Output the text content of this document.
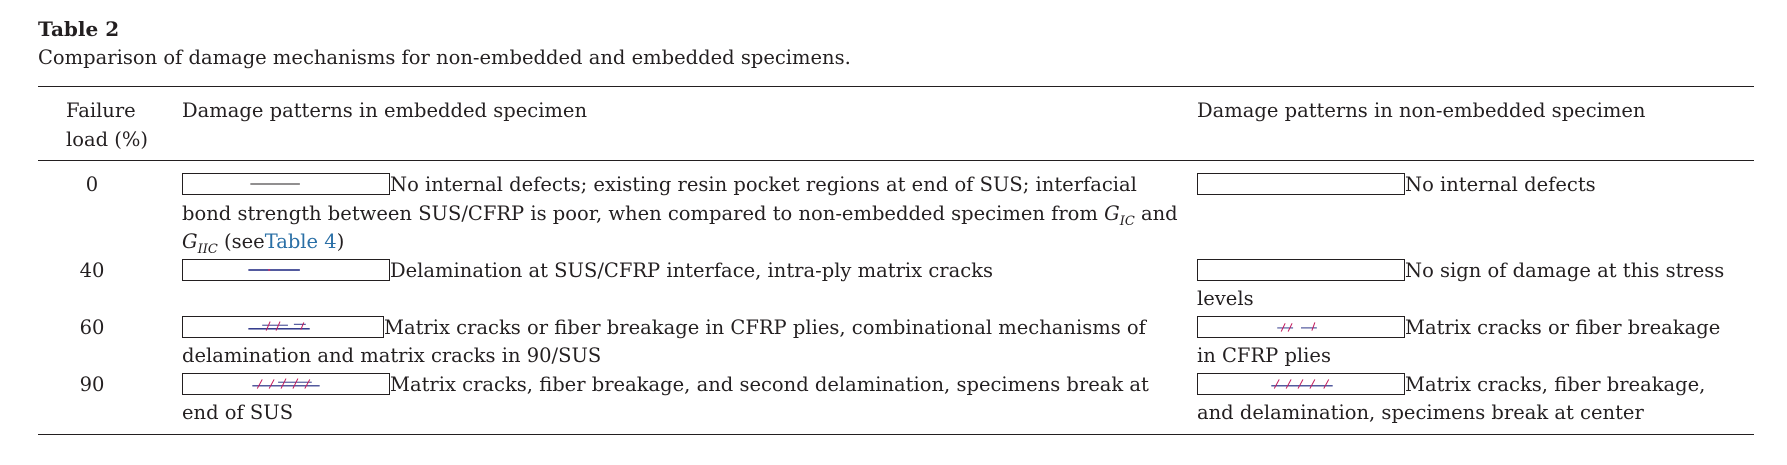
Table 2
Comparison of damage mechanisms for non-embedded and embedded specimens.
Failure
load (%)	Damage patterns in embedded specimen	Damage patterns in non-embedded specimen
0	No internal defects; existing resin pocket regions at end of SUS; interfacial bond strength between SUS/CFRP is poor, when compared to non-embedded specimen from $G_{IC}$ and $G_{IIC}$ (seeTable 4)	No internal defects
40	Delamination at SUS/CFRP interface, intra-ply matrix cracks	No sign of damage at this stress levels
60	Matrix cracks or fiber breakage in CFRP plies, combinational mechanisms of delamination and matrix cracks in 90/SUS	Matrix cracks or fiber breakage in CFRP plies
90	Matrix cracks, fiber breakage, and second delamination, specimens break at end of SUS	Matrix cracks, fiber breakage, and delamination, specimens break at center
